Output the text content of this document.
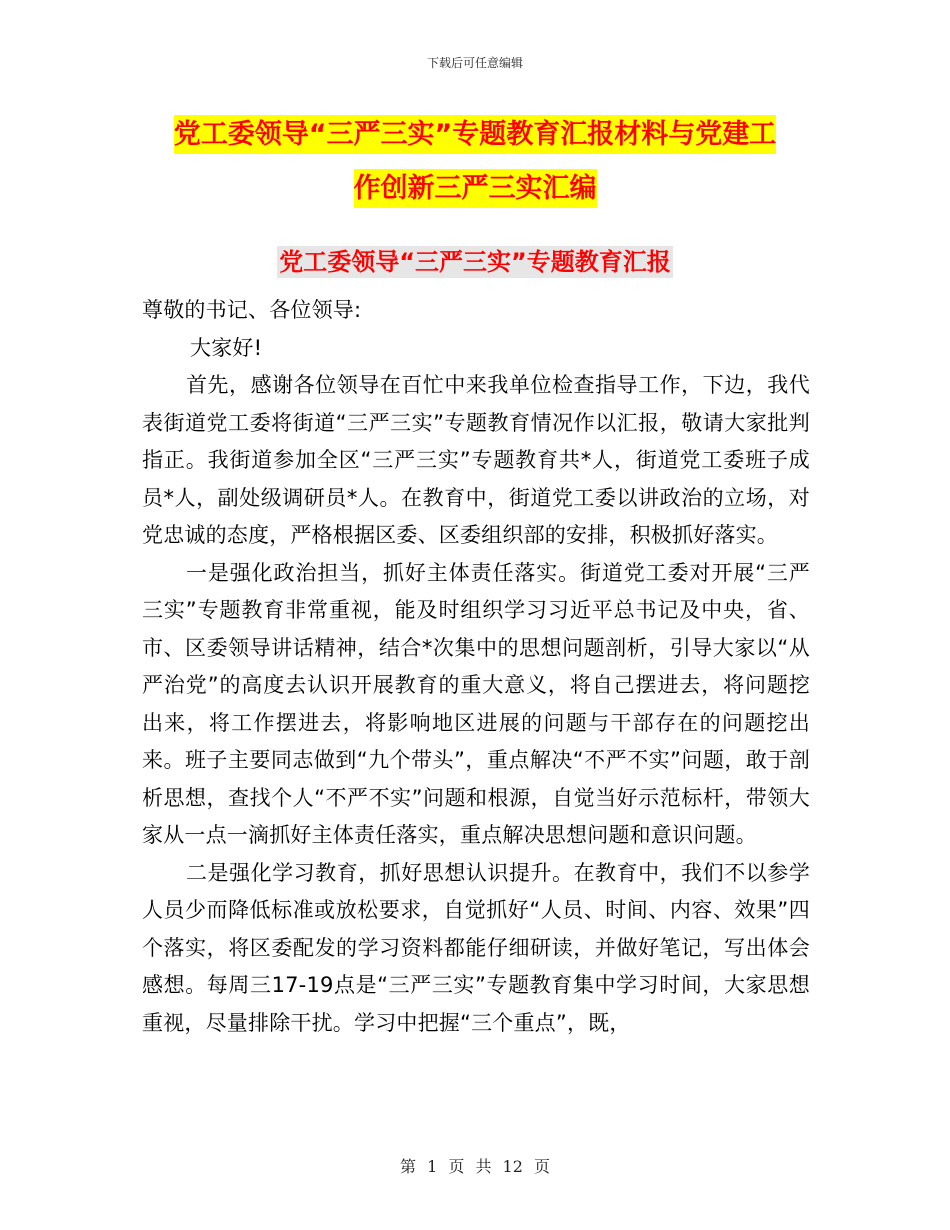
下载后可任意编辑
党工委领导“三严三实”专题教育汇报材料与党建工
作创新三严三实汇编
党工委领导“三严三实”专题教育汇报

尊敬的书记、各位领导:

大家好!

首先，感谢各位领导在百忙中来我单位检查指导工作，下边，我代表街道党工委将街道“三严三实”专题教育情况作以汇报，敬请大家批判指正。我街道参加全区“三严三实”专题教育共*人，街道党工委班子成员*人，副处级调研员*人。在教育中，街道党工委以讲政治的立场，对党忠诚的态度，严格根据区委、区委组织部的安排，积极抓好落实。

一是强化政治担当，抓好主体责任落实。街道党工委对开展“三严三实”专题教育非常重视，能及时组织学习习近平总书记及中央，省、市、区委领导讲话精神，结合*次集中的思想问题剖析，引导大家以“从严治党”的高度去认识开展教育的重大意义，将自己摆进去，将问题挖出来，将工作摆进去，将影响地区进展的问题与干部存在的问题挖出来。班子主要同志做到“九个带头”，重点解决“不严不实”问题，敢于剖析思想，查找个人“不严不实”问题和根源，自觉当好示范标杆，带领大家从一点一滴抓好主体责任落实，重点解决思想问题和意识问题。

二是强化学习教育，抓好思想认识提升。在教育中，我们不以参学人员少而降低标准或放松要求，自觉抓好“人员、时间、内容、效果”四个落实，将区委配发的学习资料都能仔细研读，并做好笔记，写出体会感想。每周三17-19点是“三严三实”专题教育集中学习时间，大家思想重视，尽量排除干扰。学习中把握“三个重点”，既，

第 1 页 共 12 页
